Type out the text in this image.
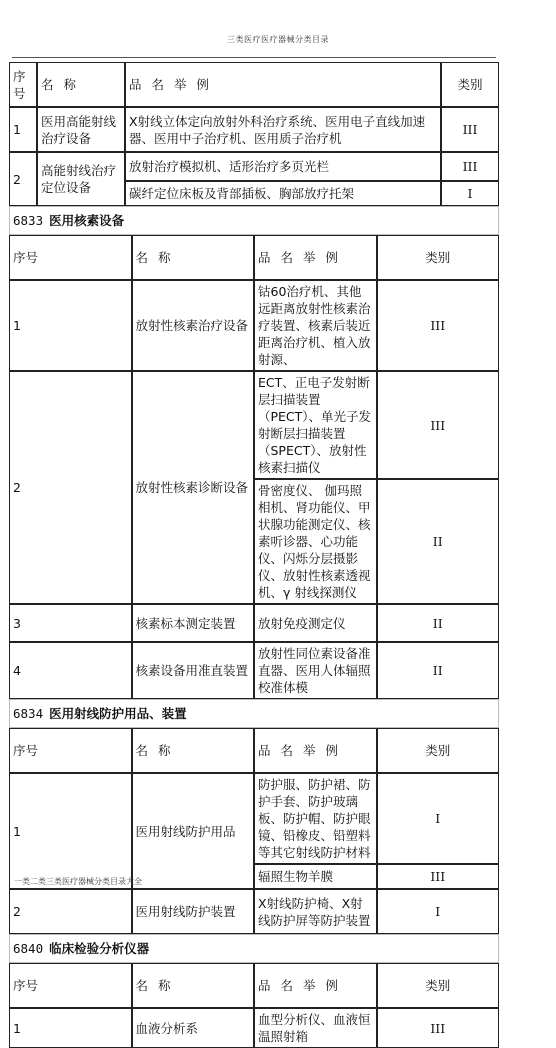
三类医疗医疗器械分类目录
序号	名 称	品 名 举 例	类别
1	医用高能射线治疗设备	X射线立体定向放射外科治疗系统、医用电子直线加速器、医用中子治疗机、医用质子治疗机	III
2	高能射线治疗定位设备	放射治疗模拟机、适形治疗多页光栏	III
		碳纤定位床板及背部插板、胸部放疗托架	I
6833 医用核素设备			
序号	名 称	品 名 举 例	类别
1	放射性核素治疗设备	钴60治疗机、其他远距离放射性核素治疗装置、核素后装近距离治疗机、植入放射源、	III
2	放射性核素诊断设备	ECT、正电子发射断层扫描装置（PECT）、单光子发射断层扫描装置（SPECT）、放射性核素扫描仪	III
		骨密度仪、 伽玛照相机、肾功能仪、甲状腺功能测定仪、核素听诊器、心功能仪、闪烁分层摄影仪、放射性核素透视机、γ 射线探测仪	II
3	核素标本测定装置	放射免疫测定仪	II
4	核素设备用准直装置	放射性同位素设备准直器、医用人体辐照校准体模	II
6834 医用射线防护用品、装置			
序号	名 称	品 名 举 例	类别
1	医用射线防护用品	防护服、防护裙、防护手套、防护玻璃板、防护帽、防护眼镜、铅橡皮、铅塑料等其它射线防护材料	I
		辐照生物羊膜	III
2	医用射线防护装置	X射线防护椅、X射线防护屏等防护装置	I
6840 临床检验分析仪器			
序号	名 称	品 名 举 例	类别
1	血液分析系	血型分析仪、血液恒温照射箱	III
一类二类三类医疗器械分类目录大全
